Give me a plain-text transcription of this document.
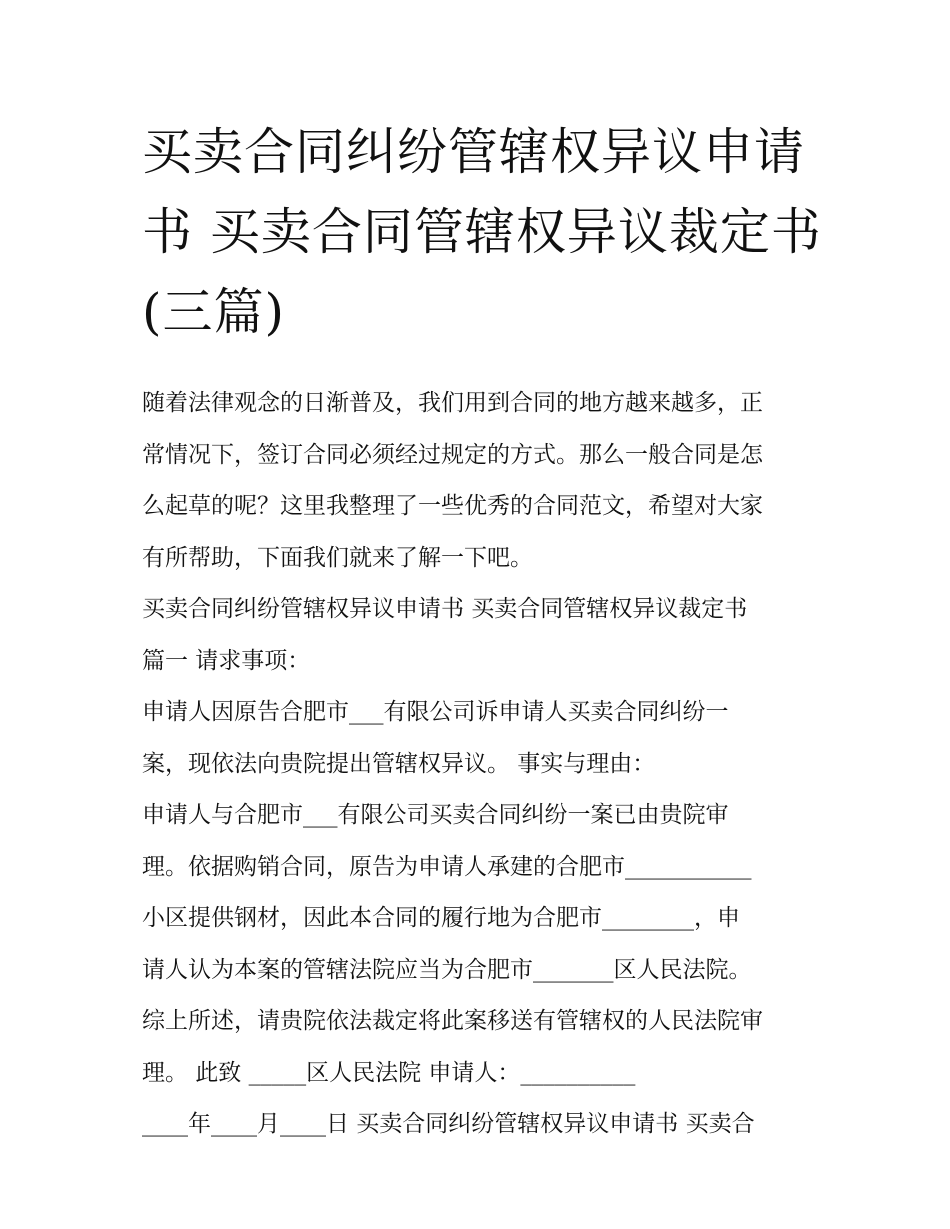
买卖合同纠纷管辖权异议申请
书 买卖合同管辖权异议裁定书
(三篇)
随着法律观念的日渐普及，我们用到合同的地方越来越多，正
常情况下，签订合同必须经过规定的方式。那么一般合同是怎
么起草的呢？这里我整理了一些优秀的合同范文，希望对大家
有所帮助，下面我们就来了解一下吧。
买卖合同纠纷管辖权异议申请书 买卖合同管辖权异议裁定书
篇一 请求事项：
申请人因原告合肥市___有限公司诉申请人买卖合同纠纷一
案，现依法向贵院提出管辖权异议。 事实与理由：
申请人与合肥市___有限公司买卖合同纠纷一案已由贵院审
理。依据购销合同，原告为申请人承建的合肥市___________
小区提供钢材，因此本合同的履行地为合肥市________，申
请人认为本案的管辖法院应当为合肥市_______区人民法院。
综上所述，请贵院依法裁定将此案移送有管辖权的人民法院审
理。 此致 _____区人民法院 申请人：__________
____年____月____日 买卖合同纠纷管辖权异议申请书 买卖合
